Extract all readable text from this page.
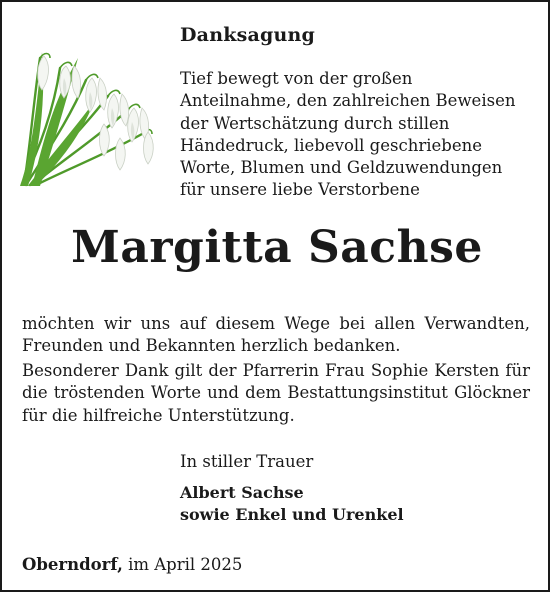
Danksagung
Tief bewegt von der großen
Anteilnahme, den zahlreichen Beweisen
der Wertschätzung durch stillen
Händedruck, liebevoll geschriebene
Worte, Blumen und Geldzuwendungen
für unsere liebe Verstorbene
Margitta Sachse
möchten wir uns auf diesem Wege bei allen Verwandten,
Freunden und Bekannten herzlich bedanken.
Besonderer Dank gilt der Pfarrerin Frau Sophie Kersten für
die tröstenden Worte und dem Bestattungsinstitut Glöckner
für die hilfreiche Unterstützung.
In stiller Trauer
Albert Sachse
sowie Enkel und Urenkel
Oberndorf, im April 2025
